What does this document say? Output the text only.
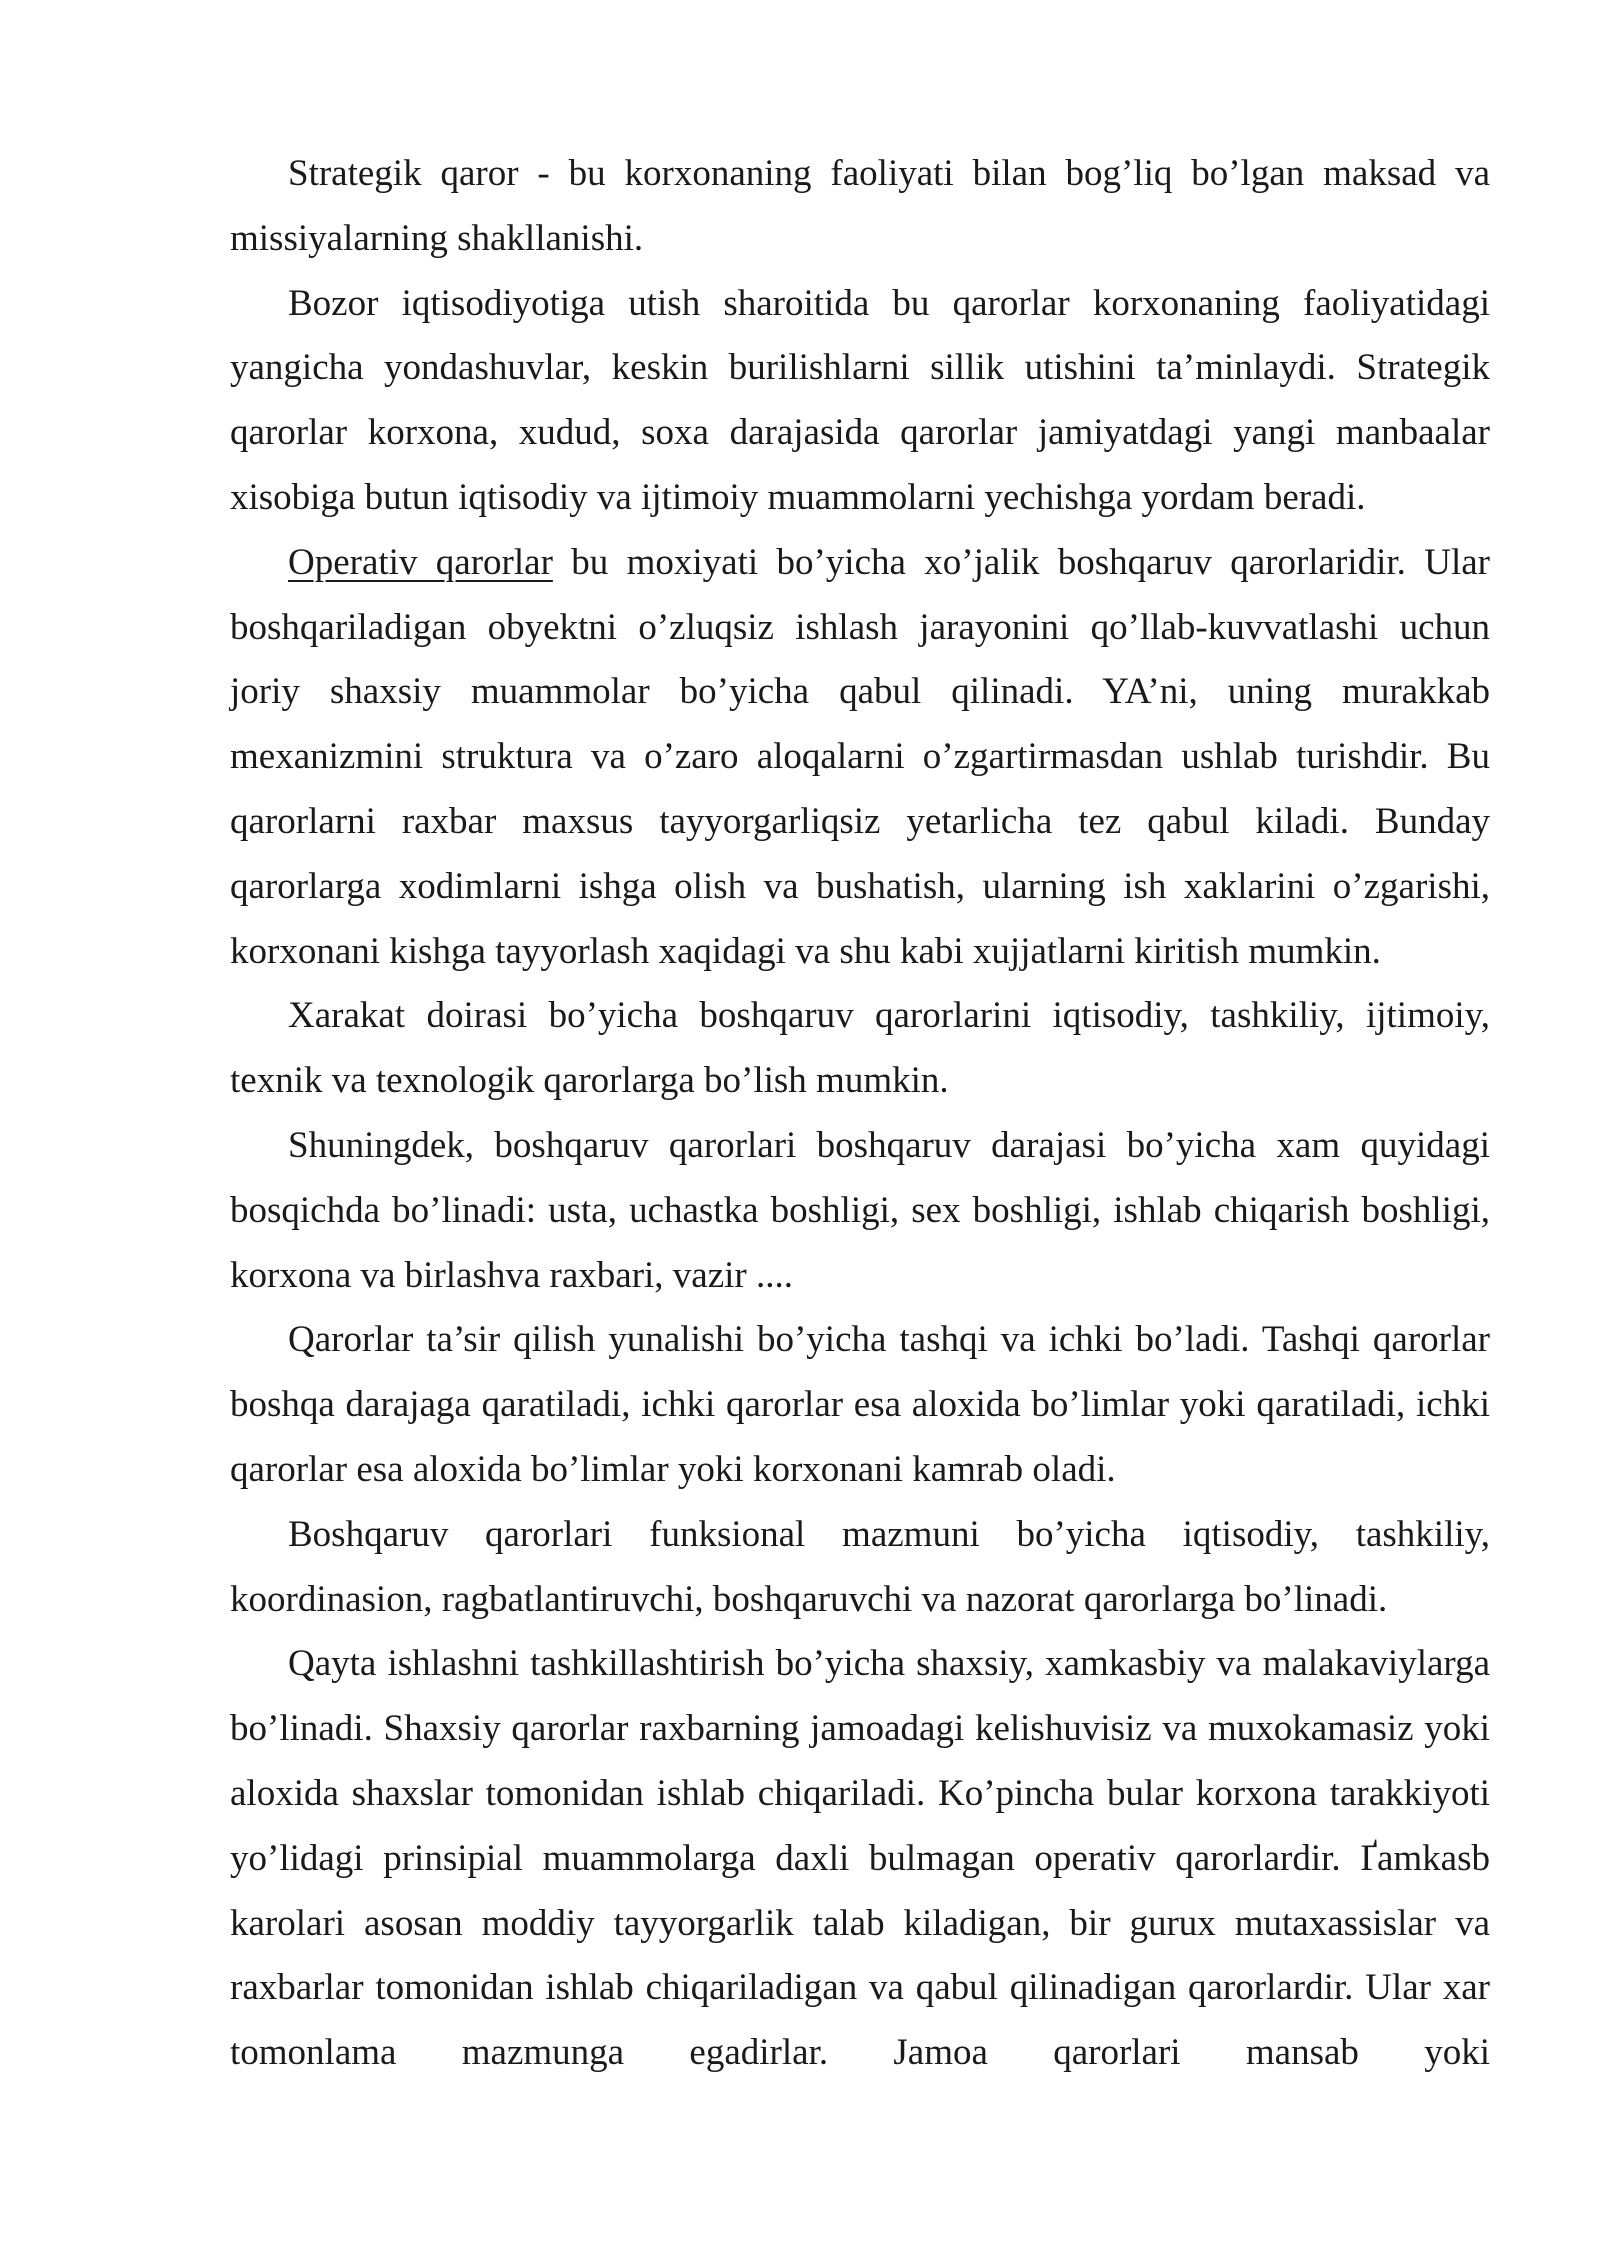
Strategik qaror - bu korxonaning faoliyati bilan bog’liq bo’lgan maksad va missiyalarning shakllanishi.

Bozor iqtisodiyotiga utish sharoitida bu qarorlar korxonaning faoliyatidagi yangicha yondashuvlar, keskin burilishlarni sillik utishini ta’minlaydi. Strategik qarorlar korxona, xudud, soxa darajasida qarorlar jamiyatdagi yangi manbaalar xisobiga butun iqtisodiy va ijtimoiy muammolarni yechishga yordam beradi.

Operativ qarorlar bu moxiyati bo’yicha xo’jalik boshqaruv qarorlaridir. Ular boshqariladigan obyektni o’zluqsiz ishlash jarayonini qo’llab-kuvvatlashi uchun joriy shaxsiy muammolar bo’yicha qabul qilinadi. YA’ni, uning murakkab mexanizmini struktura va o’zaro aloqalarni o’zgartirmasdan ushlab turishdir. Bu qarorlarni raxbar maxsus tayyorgarliqsiz yetarlicha tez qabul kiladi. Bunday qarorlarga xodimlarni ishga olish va bushatish, ularning ish xaklarini o’zgarishi, korxonani kishga tayyorlash xaqidagi va shu kabi xujjatlarni kiritish mumkin.

Xarakat doirasi bo’yicha boshqaruv qarorlarini iqtisodiy, tashkiliy, ijtimoiy, texnik va texnologik qarorlarga bo’lish mumkin.

Shuningdek, boshqaruv qarorlari boshqaruv darajasi bo’yicha xam quyidagi bosqichda bo’linadi: usta, uchastka boshligi, sex boshligi, ishlab chiqarish boshligi, korxona va birlashva raxbari, vazir ....

Qarorlar ta’sir qilish yunalishi bo’yicha tashqi va ichki bo’ladi. Tashqi qarorlar boshqa darajaga qaratiladi, ichki qarorlar esa aloxida bo’limlar yoki qaratiladi, ichki qarorlar esa aloxida bo’limlar yoki korxonani kamrab oladi.

Boshqaruv qarorlari funksional mazmuni bo’yicha iqtisodiy, tashkiliy, koordinasion, ragbatlantiruvchi, boshqaruvchi va nazorat qarorlarga bo’linadi.

Qayta ishlashni tashkillashtirish bo’yicha shaxsiy, xamkasbiy va malakaviylarga bo’linadi. Shaxsiy qarorlar raxbarning jamoadagi kelishuvisiz va muxokamasiz yoki aloxida shaxslar tomonidan ishlab chiqariladi. Ko’pincha bular korxona tarakkiyoti yo’lidagi prinsipial muammolarga daxli bulmagan operativ qarorlardir. Ґamkasb karolari asosan moddiy tayyorgarlik talab kiladigan, bir gurux mutaxassislar va raxbarlar tomonidan ishlab chiqariladigan va qabul qilinadigan qarorlardir. Ular xar tomonlama mazmunga egadirlar. Jamoa qarorlari mansab yoki
